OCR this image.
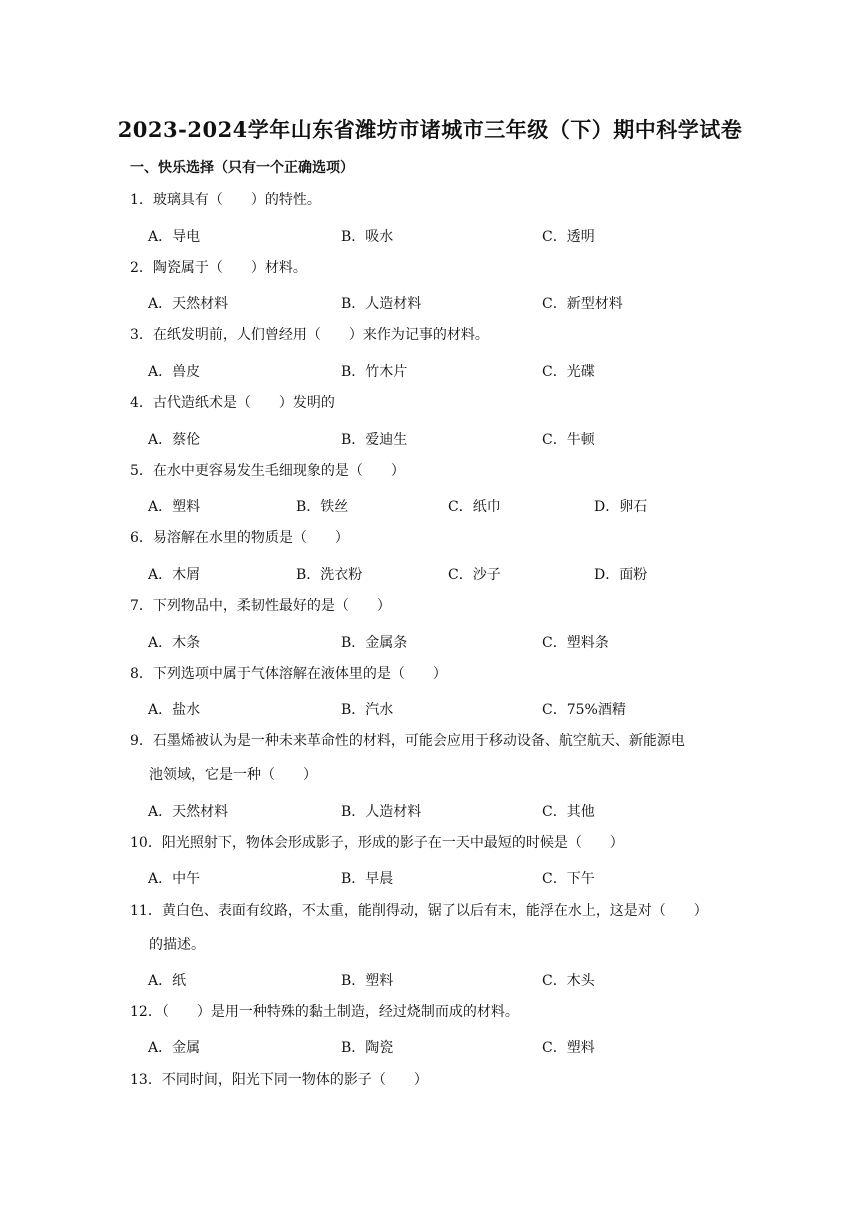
2023-2024学年山东省潍坊市诸城市三年级（下）期中科学试卷
一、快乐选择（只有一个正确选项）
1．玻璃具有（　　）的特性。
A．导电	B．吸水	C．透明
2．陶瓷属于（　　）材料。
A．天然材料	B．人造材料	C．新型材料
3．在纸发明前，人们曾经用（　　）来作为记事的材料。
A．兽皮	B．竹木片	C．光碟
4．古代造纸术是（　　）发明的
A．蔡伦	B．爱迪生	C．牛顿
5．在水中更容易发生毛细现象的是（　　）
A．塑料	B．铁丝	C．纸巾	D．卵石
6．易溶解在水里的物质是（　　）
A．木屑	B．洗衣粉	C．沙子	D．面粉
7．下列物品中，柔韧性最好的是（　　）
A．木条	B．金属条	C．塑料条
8．下列选项中属于气体溶解在液体里的是（　　）
A．盐水	B．汽水	C．75%酒精
9．石墨烯被认为是一种未来革命性的材料，可能会应用于移动设备、航空航天、新能源电
池领域，它是一种（　　）
A．天然材料	B．人造材料	C．其他
10．阳光照射下，物体会形成影子，形成的影子在一天中最短的时候是（　　）
A．中午	B．早晨	C．下午
11．黄白色、表面有纹路，不太重，能削得动，锯了以后有末，能浮在水上，这是对（　　）
的描述。
A．纸	B．塑料	C．木头
12．（　　）是用一种特殊的黏土制造，经过烧制而成的材料。
A．金属	B．陶瓷	C．塑料
13．不同时间，阳光下同一物体的影子（　　）
